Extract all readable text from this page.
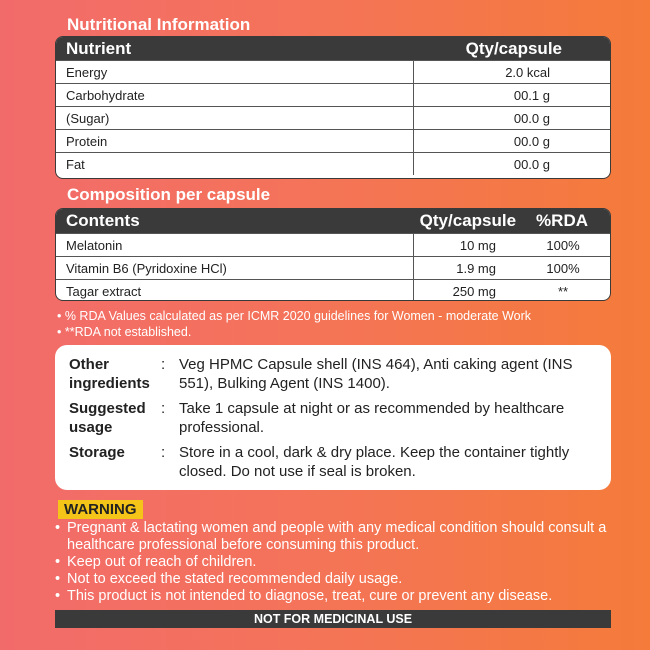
Nutritional Information
Nutrient	Qty/capsule
Energy	2.0 kcal
Carbohydrate	00.1 g
(Sugar)	00.0 g
Protein	00.0 g
Fat	00.0 g
Composition per capsule
Contents	Qty/capsule	%RDA
Melatonin	10 mg	100%
Vitamin B6 (Pyridoxine HCl)	1.9 mg	100%
Tagar extract	250 mg	**
• % RDA Values calculated as per ICMR 2020 guidelines for Women - moderate Work
• **RDA not established.
Other ingredients
: Veg HPMC Capsule shell (INS 464), Anti caking agent (INS 551), Bulking Agent (INS 1400).
Suggested usage
: Take 1 capsule at night or as recommended by healthcare professional.
Storage	: Store in a cool, dark & dry place. Keep the container tightly closed. Do not use if seal is broken.
WARNING
• Pregnant & lactating women and people with any medical condition should consult a healthcare professional before consuming this product.
• Keep out of reach of children.
• Not to exceed the stated recommended daily usage.
• This product is not intended to diagnose, treat, cure or prevent any disease.
NOT FOR MEDICINAL USE
